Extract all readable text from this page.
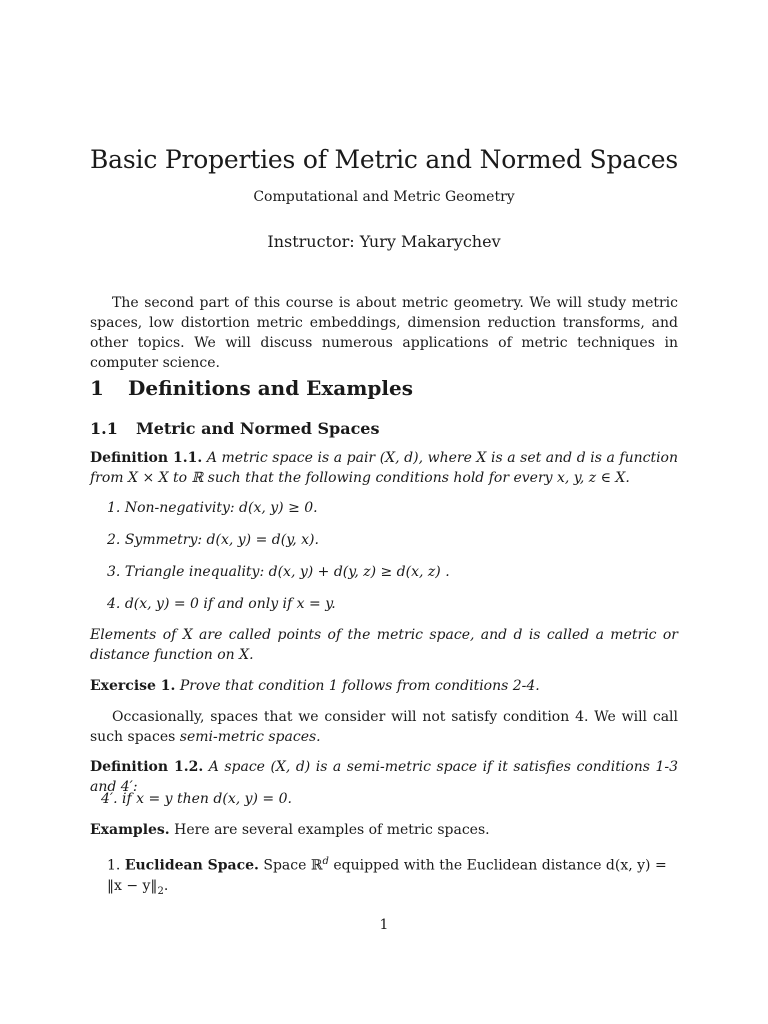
Basic Properties of Metric and Normed Spaces
Computational and Metric Geometry
Instructor: Yury Makarychev
The second part of this course is about metric geometry. We will study metric spaces, low distortion metric embeddings, dimension reduction transforms, and other topics. We will discuss numerous applications of metric techniques in computer science.
1 Definitions and Examples
1.1 Metric and Normed Spaces
Definition 1.1. A metric space is a pair (X, d), where X is a set and d is a function from X × X to ℝ such that the following conditions hold for every x, y, z ∈ X.
1. Non-negativity: d(x, y) ≥ 0.
2. Symmetry: d(x, y) = d(y, x).
3. Triangle inequality: d(x, y) + d(y, z) ≥ d(x, z) .
4. d(x, y) = 0 if and only if x = y.
Elements of X are called points of the metric space, and d is called a metric or distance function on X.
Exercise 1. Prove that condition 1 follows from conditions 2-4.
Occasionally, spaces that we consider will not satisfy condition 4. We will call such spaces semi-metric spaces.
Definition 1.2. A space (X, d) is a semi-metric space if it satisfies conditions 1-3 and 4′:
4′. if x = y then d(x, y) = 0.
Examples. Here are several examples of metric spaces.
1. Euclidean Space. Space ℝ$^d$ equipped with the Euclidean distance d(x, y) = ‖x − $y‖_2$.
1
